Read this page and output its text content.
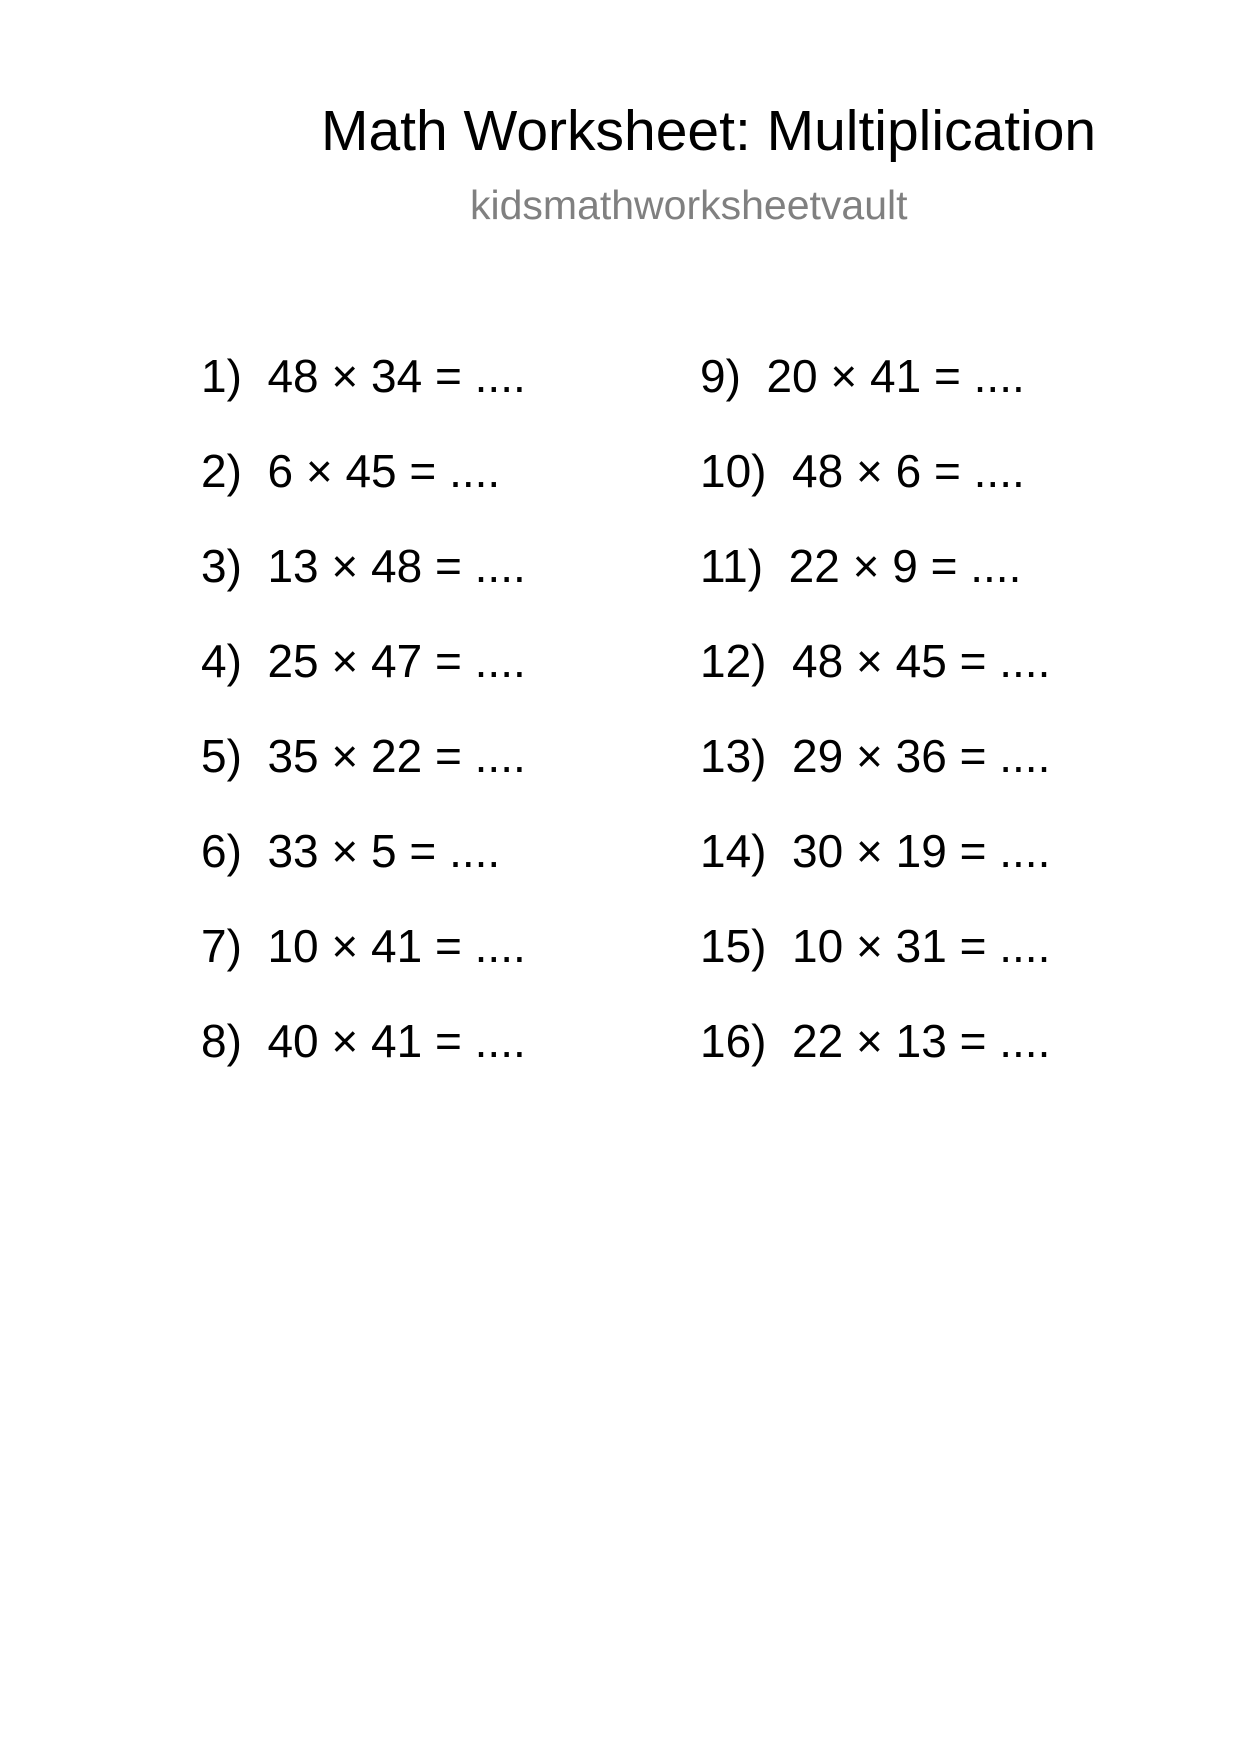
Math Worksheet: Multiplication
kidsmathworksheetvault
1) 48 × 34 = ....
2) 6 × 45 = ....
3) 13 × 48 = ....
4) 25 × 47 = ....
5) 35 × 22 = ....
6) 33 × 5 = ....
7) 10 × 41 = ....
8) 40 × 41 = ....
9) 20 × 41 = ....
10) 48 × 6 = ....
11) 22 × 9 = ....
12) 48 × 45 = ....
13) 29 × 36 = ....
14) 30 × 19 = ....
15) 10 × 31 = ....
16) 22 × 13 = ....
